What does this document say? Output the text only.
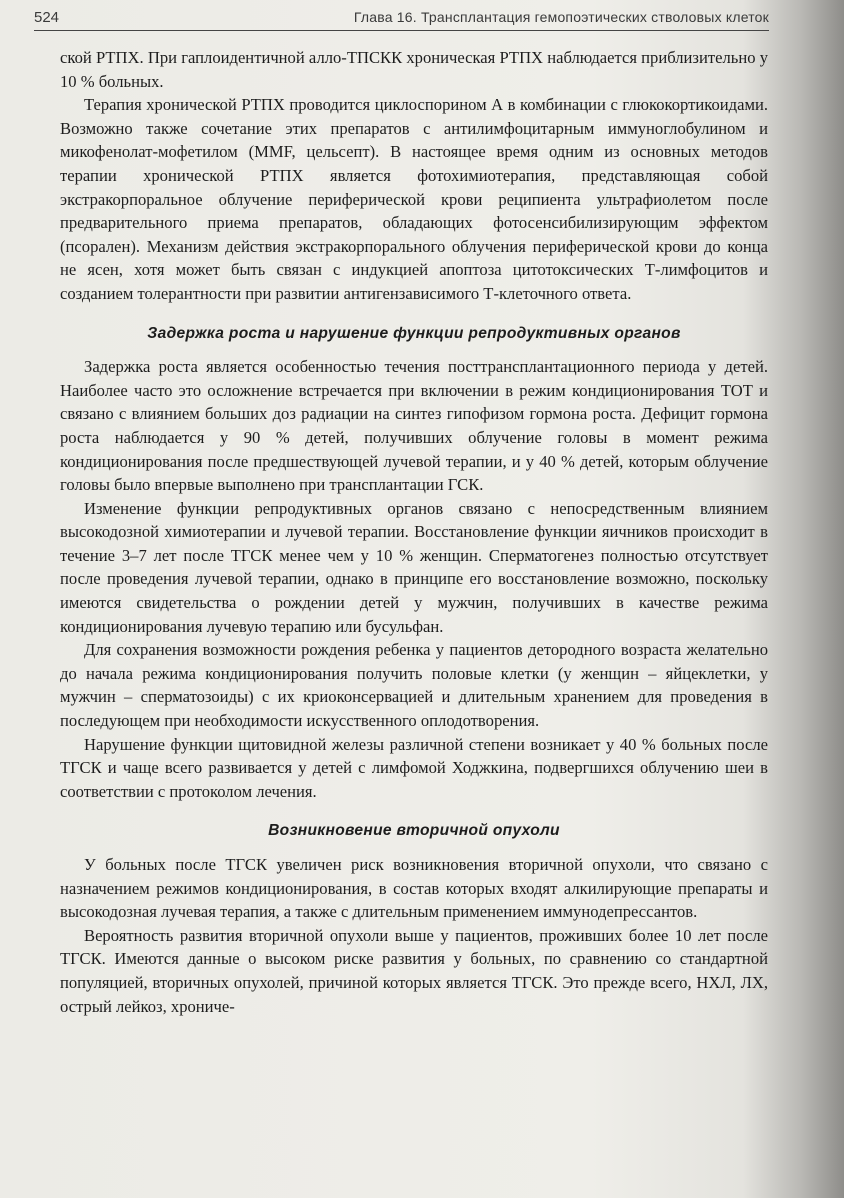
524	Глава 16. Трансплантация гемопоэтических стволовых клеток

ской РТПХ. При гаплоидентичной алло-ТПСКК хроническая РТПХ наблюдается приблизительно у 10 % больных.

Терапия хронической РТПХ проводится циклоспорином А в комбинации с глюкокортикоидами. Возможно также сочетание этих препаратов с антилимфоцитарным иммуноглобулином и микофенолат-мофетилом (MMF, цельсепт). В настоящее время одним из основных методов терапии хронической РТПХ является фотохимиотерапия, представляющая собой экстракорпоральное облучение периферической крови реципиента ультрафиолетом после предварительного приема препаратов, обладающих фотосенсибилизирующим эффектом (псорален). Механизм действия экстракорпорального облучения периферической крови до конца не ясен, хотя может быть связан с индукцией апоптоза цитотоксических Т-лимфоцитов и созданием толерантности при развитии антигензависимого Т-клеточного ответа.

Задержка роста и нарушение функции репродуктивных органов

Задержка роста является особенностью течения посттрансплантационного периода у детей. Наиболее часто это осложнение встречается при включении в режим кондиционирования ТОТ и связано с влиянием больших доз радиации на синтез гипофизом гормона роста. Дефицит гормона роста наблюдается у 90 % детей, получивших облучение головы в момент режима кондиционирования после предшествующей лучевой терапии, и у 40 % детей, которым облучение головы было впервые выполнено при трансплантации ГСК.

Изменение функции репродуктивных органов связано с непосредственным влиянием высокодозной химиотерапии и лучевой терапии. Восстановление функции яичников происходит в течение 3–7 лет после ТГСК менее чем у 10 % женщин. Сперматогенез полностью отсутствует после проведения лучевой терапии, однако в принципе его восстановление возможно, поскольку имеются свидетельства о рождении детей у мужчин, получивших в качестве режима кондиционирования лучевую терапию или бусульфан.

Для сохранения возможности рождения ребенка у пациентов детородного возраста желательно до начала режима кондиционирования получить половые клетки (у женщин – яйцеклетки, у мужчин – сперматозоиды) с их криоконсервацией и длительным хранением для проведения в последующем при необходимости искусственного оплодотворения.

Нарушение функции щитовидной железы различной степени возникает у 40 % больных после ТГСК и чаще всего развивается у детей с лимфомой Ходжкина, подвергшихся облучению шеи в соответствии с протоколом лечения.

Возникновение вторичной опухоли

У больных после ТГСК увеличен риск возникновения вторичной опухоли, что связано с назначением режимов кондиционирования, в состав которых входят алкилирующие препараты и высокодозная лучевая терапия, а также с длительным применением иммунодепрессантов.

Вероятность развития вторичной опухоли выше у пациентов, проживших более 10 лет после ТГСК. Имеются данные о высоком риске развития у больных, по сравнению со стандартной популяцией, вторичных опухолей, причиной которых является ТГСК. Это прежде всего, НХЛ, ЛХ, острый лейкоз, хрониче-
